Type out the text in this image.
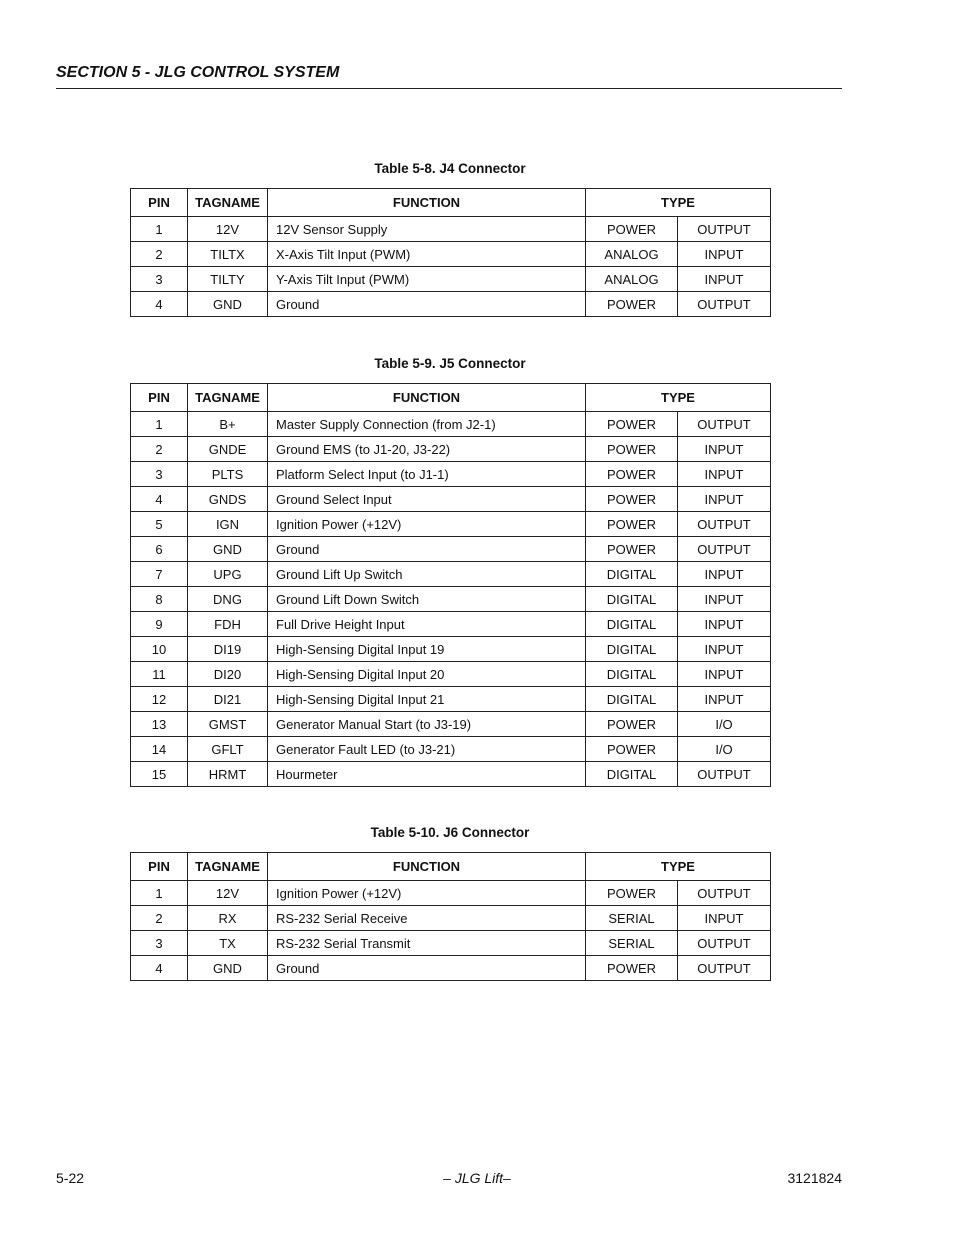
SECTION 5 - JLG CONTROL SYSTEM
Table 5-8. J4 Connector
PIN	TAGNAME	FUNCTION	TYPE	
1	12V	12V Sensor Supply	POWER	OUTPUT
2	TILTX	X-Axis Tilt Input (PWM)	ANALOG	INPUT
3	TILTY	Y-Axis Tilt Input (PWM)	ANALOG	INPUT
4	GND	Ground	POWER	OUTPUT
Table 5-9. J5 Connector
PIN	TAGNAME	FUNCTION	TYPE	
1	B+	Master Supply Connection (from J2-1)	POWER	OUTPUT
2	GNDE	Ground EMS (to J1-20, J3-22)	POWER	INPUT
3	PLTS	Platform Select Input (to J1-1)	POWER	INPUT
4	GNDS	Ground Select Input	POWER	INPUT
5	IGN	Ignition Power (+12V)	POWER	OUTPUT
6	GND	Ground	POWER	OUTPUT
7	UPG	Ground Lift Up Switch	DIGITAL	INPUT
8	DNG	Ground Lift Down Switch	DIGITAL	INPUT
9	FDH	Full Drive Height Input	DIGITAL	INPUT
10	DI19	High-Sensing Digital Input 19	DIGITAL	INPUT
11	DI20	High-Sensing Digital Input 20	DIGITAL	INPUT
12	DI21	High-Sensing Digital Input 21	DIGITAL	INPUT
13	GMST	Generator Manual Start (to J3-19)	POWER	I/O
14	GFLT	Generator Fault LED (to J3-21)	POWER	I/O
15	HRMT	Hourmeter	DIGITAL	OUTPUT
Table 5-10. J6 Connector
PIN	TAGNAME	FUNCTION	TYPE	
1	12V	Ignition Power (+12V)	POWER	OUTPUT
2	RX	RS-232 Serial Receive	SERIAL	INPUT
3	TX	RS-232 Serial Transmit	SERIAL	OUTPUT
4	GND	Ground	POWER	OUTPUT
5-22	– JLG Lift–	3121824
